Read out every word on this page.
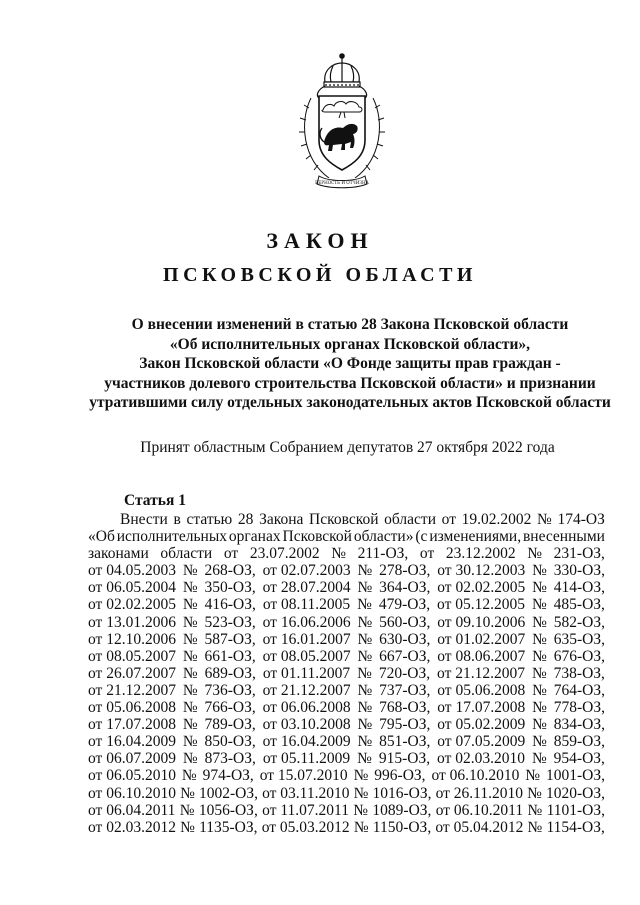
ВЕРНОСТЬ И ОТЧИЗНА
ЗАКОН
ПСКОВСКОЙ ОБЛАСТИ
О внесении изменений в статью 28 Закона Псковской области
«Об исполнительных органах Псковской области»,
Закон Псковской области «О Фонде защиты прав граждан -
участников долевого строительства Псковской области» и признании
утратившими силу отдельных законодательных актов Псковской области
Принят областным Собранием депутатов 27 октября 2022 года
Статья 1
Внести в статью 28 Закона Псковской области от 19.02.2002 № 174-ОЗ
«Об исполнительных органах Псковской области» (с изменениями, внесенными
законами области от 23.07.2002 № 211-ОЗ, от 23.12.2002 № 231-ОЗ,
от 04.05.2003 № 268-ОЗ, от 02.07.2003 № 278-ОЗ, от 30.12.2003 № 330-ОЗ,
от 06.05.2004 № 350-ОЗ, от 28.07.2004 № 364-ОЗ, от 02.02.2005 № 414-ОЗ,
от 02.02.2005 № 416-ОЗ, от 08.11.2005 № 479-ОЗ, от 05.12.2005 № 485-ОЗ,
от 13.01.2006 № 523-ОЗ, от 16.06.2006 № 560-ОЗ, от 09.10.2006 № 582-ОЗ,
от 12.10.2006 № 587-ОЗ, от 16.01.2007 № 630-ОЗ, от 01.02.2007 № 635-ОЗ,
от 08.05.2007 № 661-ОЗ, от 08.05.2007 № 667-ОЗ, от 08.06.2007 № 676-ОЗ,
от 26.07.2007 № 689-ОЗ, от 01.11.2007 № 720-ОЗ, от 21.12.2007 № 738-ОЗ,
от 21.12.2007 № 736-ОЗ, от 21.12.2007 № 737-ОЗ, от 05.06.2008 № 764-ОЗ,
от 05.06.2008 № 766-ОЗ, от 06.06.2008 № 768-ОЗ, от 17.07.2008 № 778-ОЗ,
от 17.07.2008 № 789-ОЗ, от 03.10.2008 № 795-ОЗ, от 05.02.2009 № 834-ОЗ,
от 16.04.2009 № 850-ОЗ, от 16.04.2009 № 851-ОЗ, от 07.05.2009 № 859-ОЗ,
от 06.07.2009 № 873-ОЗ, от 05.11.2009 № 915-ОЗ, от 02.03.2010 № 954-ОЗ,
от 06.05.2010 № 974-ОЗ, от 15.07.2010 № 996-ОЗ, от 06.10.2010 № 1001-ОЗ,
от 06.10.2010 № 1002-ОЗ, от 03.11.2010 № 1016-ОЗ, от 26.11.2010 № 1020-ОЗ,
от 06.04.2011 № 1056-ОЗ, от 11.07.2011 № 1089-ОЗ, от 06.10.2011 № 1101-ОЗ,
от 02.03.2012 № 1135-ОЗ, от 05.03.2012 № 1150-ОЗ, от 05.04.2012 № 1154-ОЗ,
